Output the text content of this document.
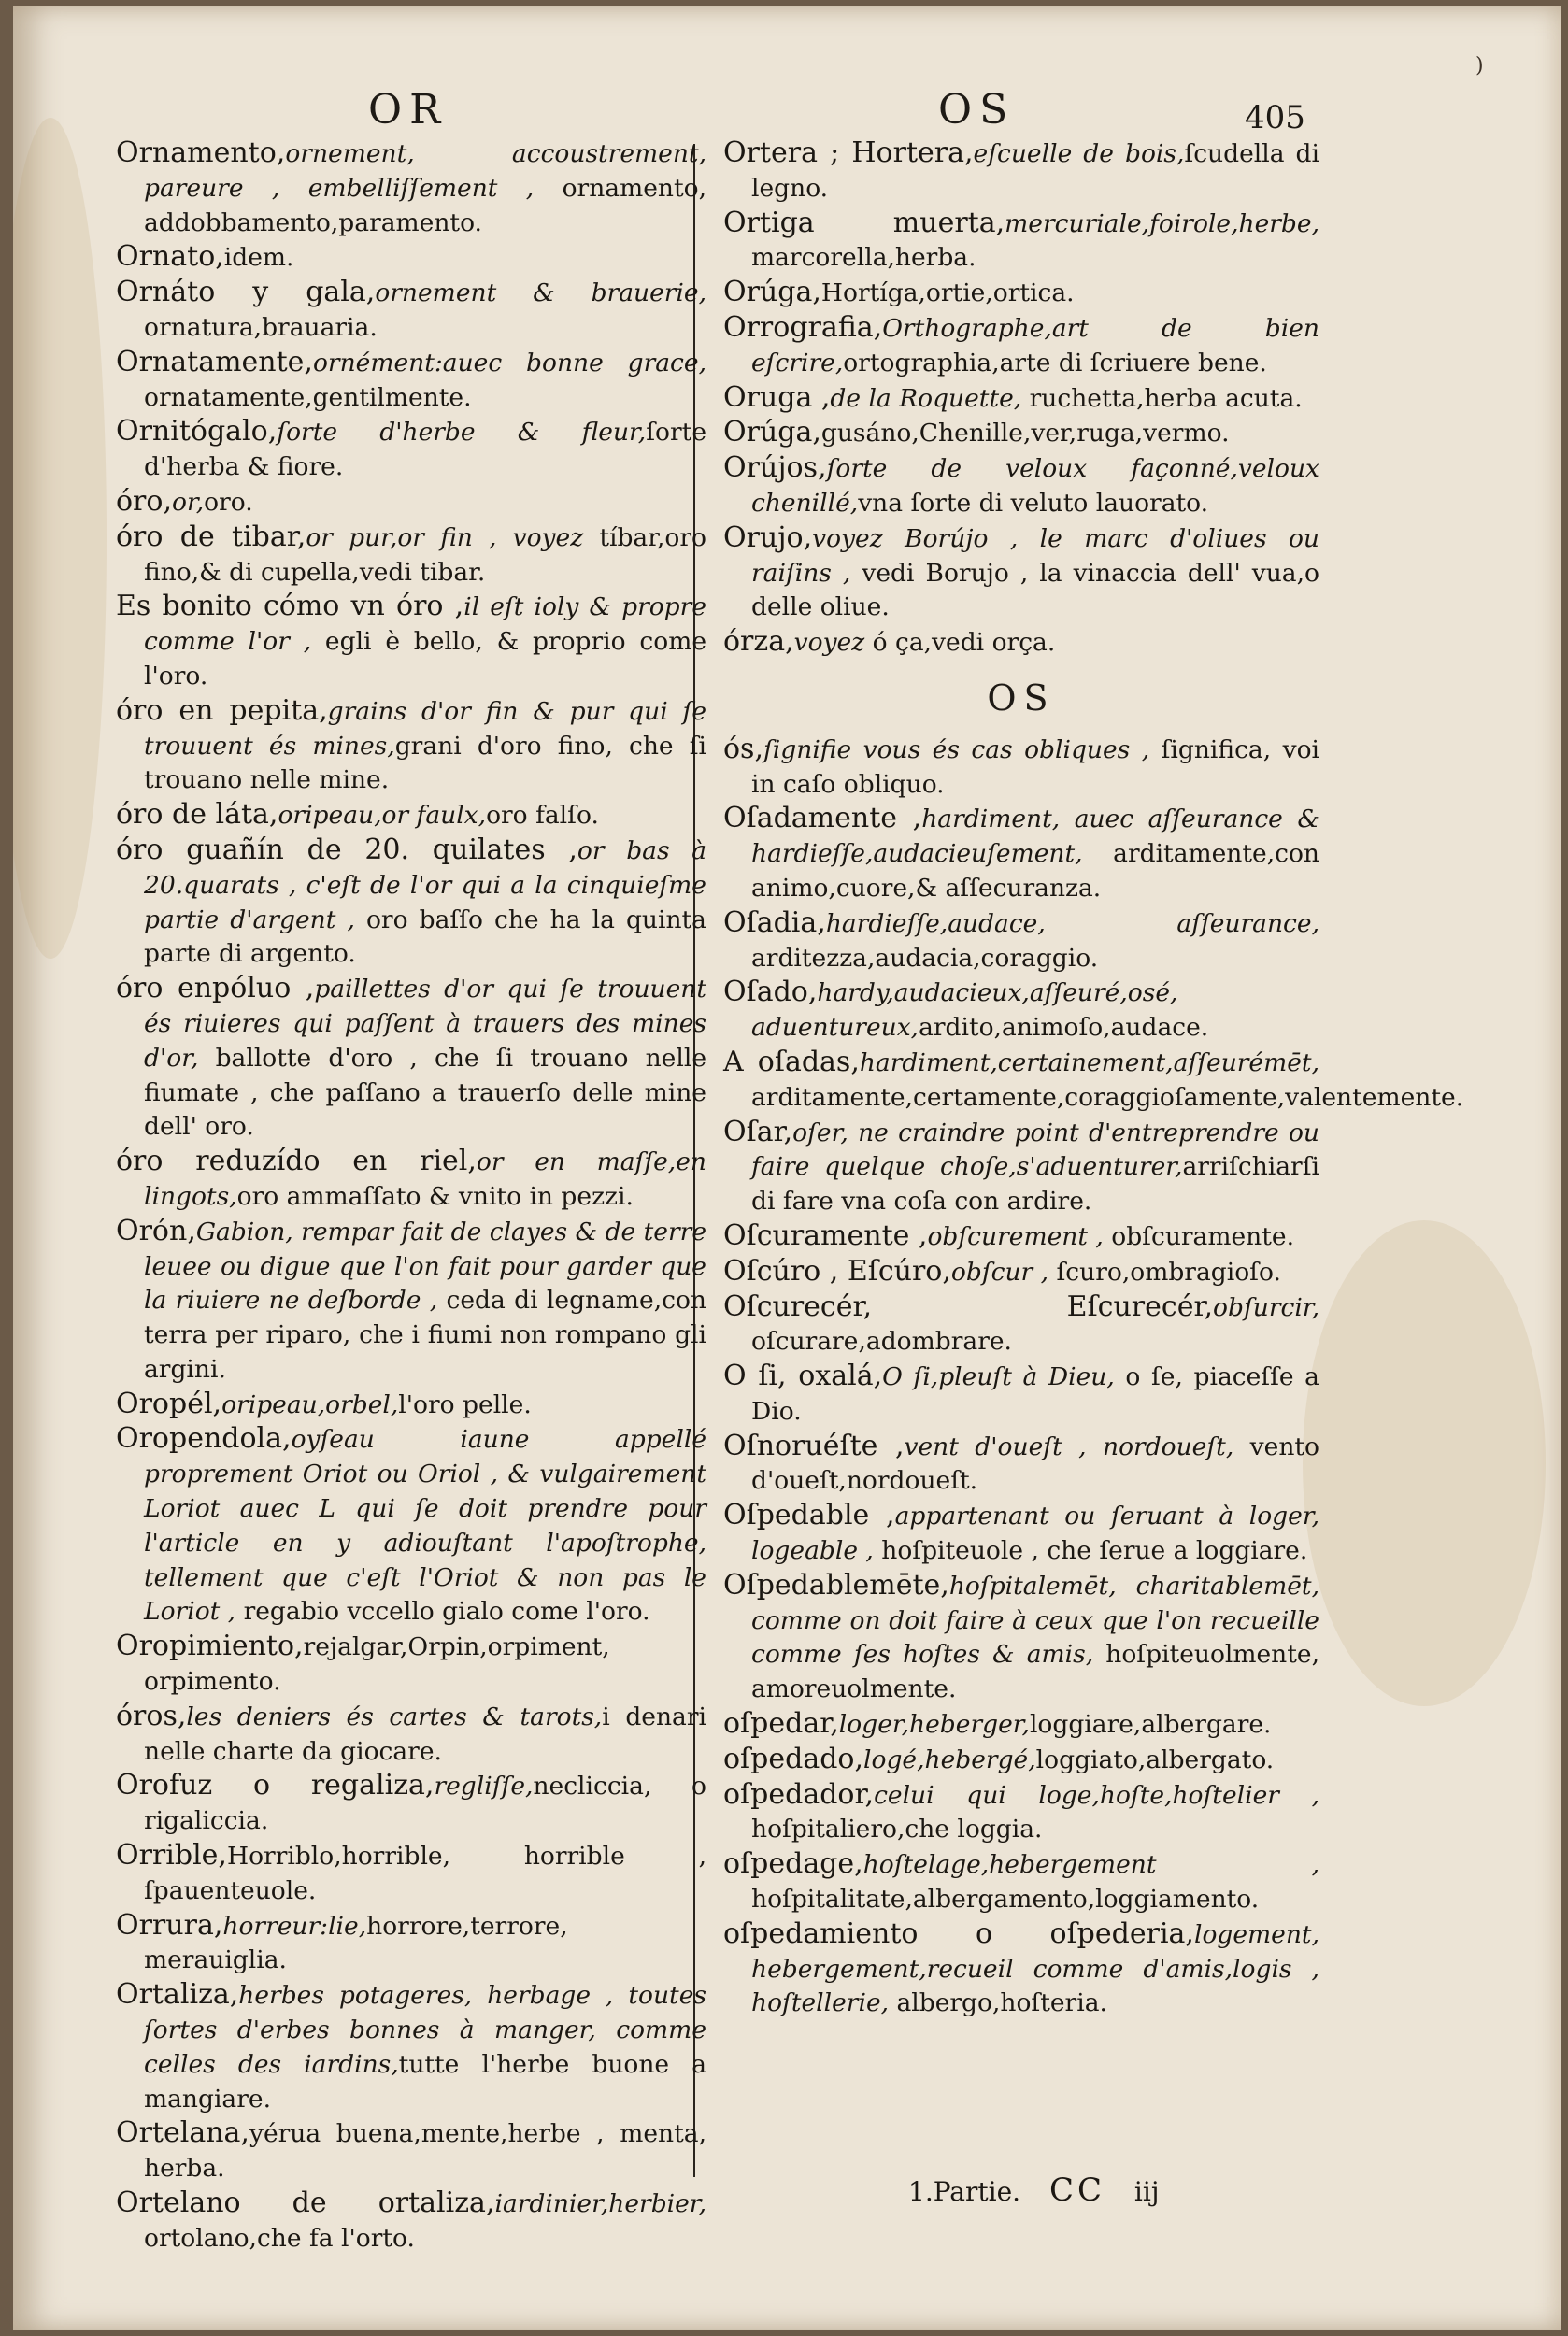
OR	OS	405

Ornamento,ornement, accoustrement, pareure , embelliſſement , ornamento, addobbamento,paramento.

Ornato,idem.

Ornáto y gala,ornement & brauerie, ornatura,brauaria.

Ornatamente,ornément:auec bonne grace, ornatamente,gentilmente.

Ornitógalo,ſorte d'herbe & fleur,ſorte d'herba & fiore.

óro,or,oro.

óro de tibar,or pur,or fin , voyez tíbar,oro fino,& di cupella,vedi tibar.

Es bonito cómo vn óro ,il eſt ioly & propre comme l'or , egli è bello, & proprio come l'oro.

óro en pepita,grains d'or fin & pur qui ſe trouuent és mines,grani d'oro fino, che ſi trouano nelle mine.

óro de láta,oripeau,or faulx,oro falſo.

óro guañín de 20. quilates ,or bas à 20.quarats , c'eſt de l'or qui a la cinquieſme partie d'argent , oro baſſo che ha la quinta parte di argento.

óro enpóluo ,paillettes d'or qui ſe trouuent és riuieres qui paſſent à trauers des mines d'or, ballotte d'oro , che ſi trouano nelle fiumate , che paſſano a trauerſo delle mine dell' oro.

óro reduzído en riel,or en maſſe,en lingots,oro ammaſſato & vnito in pezzi.

Orón,Gabion, rempar fait de clayes & de terre leuee ou digue que l'on fait pour garder que la riuiere ne deſborde , ceda di legname,con terra per riparo, che i fiumi non rompano gli argini.

Oropél,oripeau,orbel,l'oro pelle.

Oropendola,oyſeau iaune appellé proprement Oriot ou Oriol , & vulgairement Loriot auec L qui ſe doit prendre pour l'article en y adiouſtant l'apoſtrophe, tellement que c'eſt l'Oriot & non pas le Loriot , regabio vccello gialo come l'oro.

Oropimiento,rejalgar,Orpin,orpiment, orpimento.

óros,les deniers és cartes & tarots,i denari nelle charte da giocare.

Orofuz o regaliza,regliſſe,necliccia, o rigaliccia.

Orrible,Horriblo,horrible, horrible , ſpauenteuole.

Orrura,horreur:lie,horrore,terrore, merauiglia.

Ortaliza,herbes potageres, herbage , toutes ſortes d'erbes bonnes à manger, comme celles des iardins,tutte l'herbe buone a mangiare.

Ortelana,yérua buena,mente,herbe , menta, herba.

Ortelano de ortaliza,iardinier,herbier, ortolano,che fa l'orto.

Ortera ; Hortera,eſcuelle de bois,ſcudella di legno.

Ortiga muerta,mercuriale,foirole,herbe, marcorella,herba.

Orúga,Hortíga,ortie,ortica.

Orrografia,Orthographe,art de bien eſcrire,ortographia,arte di ſcriuere bene.

Oruga ,de la Roquette, ruchetta,herba acuta.

Orúga,gusáno,Chenille,ver,ruga,vermo.

Orújos,ſorte de veloux façonné,veloux chenillé,vna ſorte di veluto lauorato.

Orujo,voyez Borújo , le marc d'oliues ou raiſins , vedi Borujo , la vinaccia dell' vua,o delle oliue.

órza,voyez ó ça,vedi orça.

OS

ós,ſignifie vous és cas obliques , ſignifica, voi in caſo obliquo.

Oſadamente ,hardiment, auec aſſeurance & hardieſſe,audacieuſement, arditamente,con animo,cuore,& aſſecuranza.

Oſadia,hardieſſe,audace, aſſeurance, arditezza,audacia,coraggio.

Oſado,hardy,audacieux,aſſeuré,osé, aduentureux,ardito,animoſo,audace.

A oſadas,hardiment,certainement,aſſeurémēt, arditamente,certamente,coraggioſamente,valentemente.

Oſar,oſer, ne craindre point d'entreprendre ou faire quelque choſe,s'aduenturer,arriſchiarſi di fare vna coſa con ardire.

Oſcuramente ,obſcurement , obſcuramente.

Oſcúro , Eſcúro,obſcur , ſcuro,ombragioſo.

Oſcurecér, Eſcurecér,obſurcir, oſcurare,adombrare.

O ſi, oxalá,O ſi,pleuſt à Dieu, o ſe, piaceſſe a Dio.

Oſnoruéſte ,vent d'oueſt , nordoueſt, vento d'oueſt,nordoueſt.

Oſpedable ,appartenant ou ſeruant à loger, logeable , hoſpiteuole , che ſerue a loggiare.

Oſpedablemēte,hoſpitalemēt, charitablemēt, comme on doit faire à ceux que l'on recueille comme ſes hoſtes & amis, hoſpiteuolmente, amoreuolmente.

oſpedar,loger,heberger,loggiare,albergare.

oſpedado,logé,hebergé,loggiato,albergato.

oſpedador,celui qui loge,hoſte,hoſtelier , hoſpitaliero,che loggia.

oſpedage,hoſtelage,hebergement , hoſpitalitate,albergamento,loggiamento.

oſpedamiento o oſpederia,logement, hebergement,recueil comme d'amis,logis , hoſtellerie, albergo,hoſteria.

1.Partie. CC iij
)
